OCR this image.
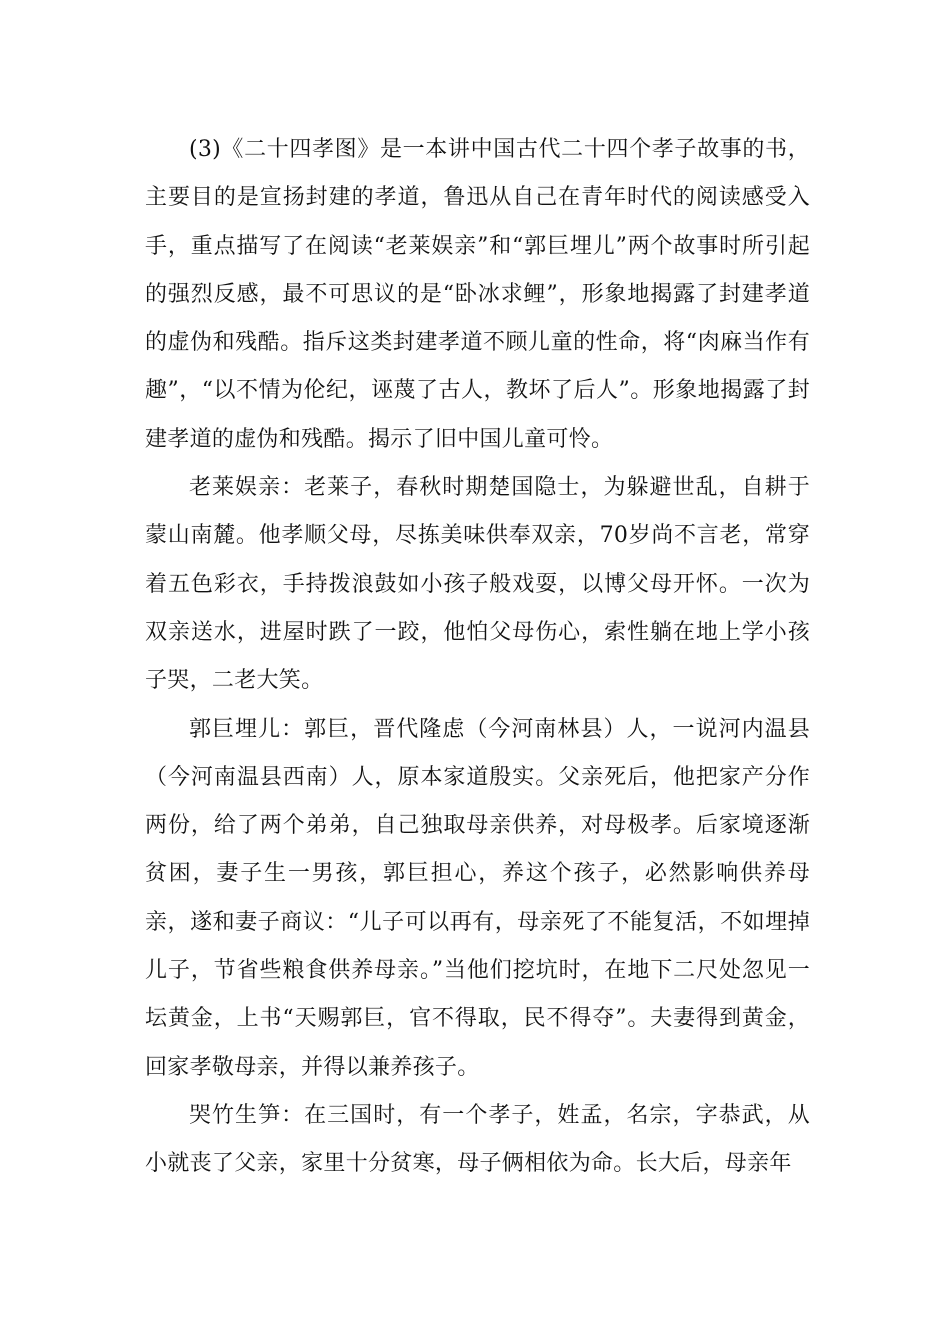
(3)《二十四孝图》是一本讲中国古代二十四个孝子故事的书，主要目的是宣扬封建的孝道，鲁迅从自己在青年时代的阅读感受入手，重点描写了在阅读“老莱娱亲”和“郭巨埋儿”两个故事时所引起的强烈反感，最不可思议的是“卧冰求鲤”，形象地揭露了封建孝道的虚伪和残酷。指斥这类封建孝道不顾儿童的性命，将“肉麻当作有趣”，“以不情为伦纪，诬蔑了古人，教坏了后人”。形象地揭露了封建孝道的虚伪和残酷。揭示了旧中国儿童可怜。

老莱娱亲：老莱子，春秋时期楚国隐士，为躲避世乱，自耕于蒙山南麓。他孝顺父母，尽拣美味供奉双亲，70岁尚不言老，常穿着五色彩衣，手持拨浪鼓如小孩子般戏耍，以博父母开怀。一次为双亲送水，进屋时跌了一跤，他怕父母伤心，索性躺在地上学小孩子哭，二老大笑。

郭巨埋儿：郭巨，晋代隆虑（今河南林县）人，一说河内温县（今河南温县西南）人，原本家道殷实。父亲死后，他把家产分作两份，给了两个弟弟，自己独取母亲供养，对母极孝。后家境逐渐贫困，妻子生一男孩，郭巨担心，养这个孩子，必然影响供养母亲，遂和妻子商议：“儿子可以再有，母亲死了不能复活，不如埋掉儿子，节省些粮食供养母亲。”当他们挖坑时，在地下二尺处忽见一坛黄金，上书“天赐郭巨，官不得取，民不得夺”。夫妻得到黄金，回家孝敬母亲，并得以兼养孩子。

哭竹生笋：在三国时，有一个孝子，姓孟，名宗，字恭武，从小就丧了父亲，家里十分贫寒，母子俩相依为命。长大后，母亲年
